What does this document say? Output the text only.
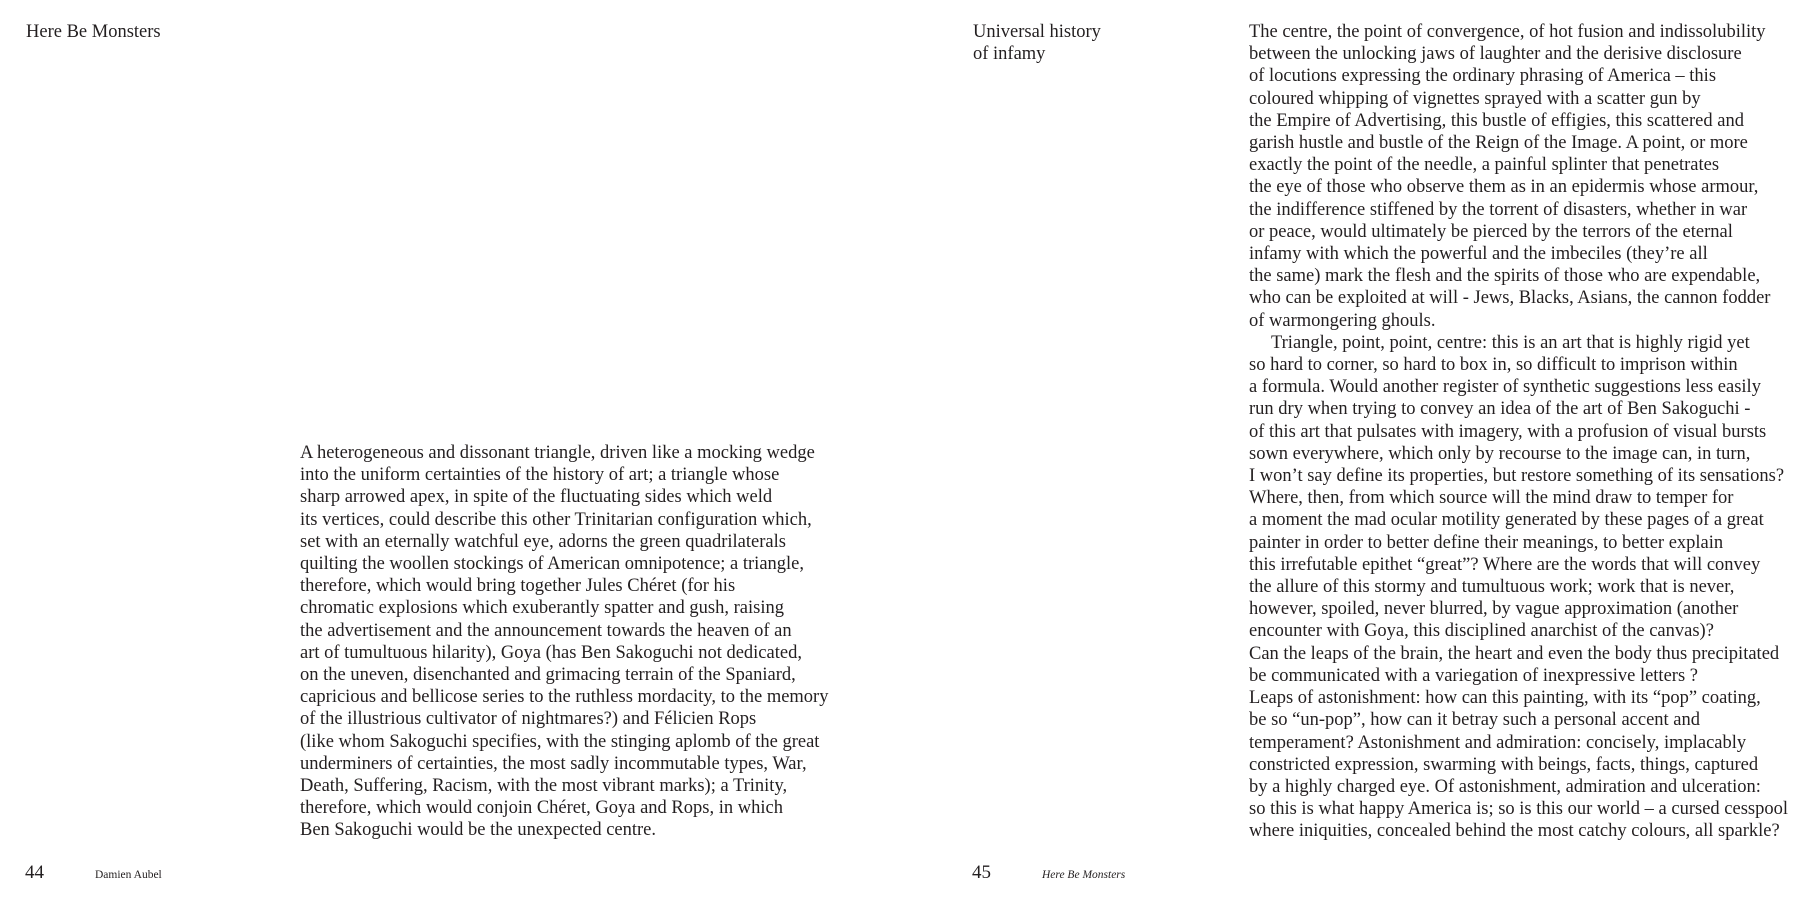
Here Be Monsters
A heterogeneous and dissonant triangle, driven like a mocking wedge
into the uniform certainties of the history of art; a triangle whose
sharp arrowed apex, in spite of the fluctuating sides which weld
its vertices, could describe this other Trinitarian configuration which,
set with an eternally watchful eye, adorns the green quadrilaterals
quilting the woollen stockings of American omnipotence; a triangle,
therefore, which would bring together Jules Chéret (for his
chromatic explosions which exuberantly spatter and gush, raising
the advertisement and the announcement towards the heaven of an
art of tumultuous hilarity), Goya (has Ben Sakoguchi not dedicated,
on the uneven, disenchanted and grimacing terrain of the Spaniard,
capricious and bellicose series to the ruthless mordacity, to the memory
of the illustrious cultivator of nightmares?) and Félicien Rops
(like whom Sakoguchi specifies, with the stinging aplomb of the great
underminers of certainties, the most sadly incommutable types, War,
Death, Suffering, Racism, with the most vibrant marks); a Trinity,
therefore, which would conjoin Chéret, Goya and Rops, in which
Ben Sakoguchi would be the unexpected centre.
44	Damien Aubel
Universal history
of infamy
The centre, the point of convergence, of hot fusion and indissolubility
between the unlocking jaws of laughter and the derisive disclosure
of locutions expressing the ordinary phrasing of America – this
coloured whipping of vignettes sprayed with a scatter gun by
the Empire of Advertising, this bustle of effigies, this scattered and
garish hustle and bustle of the Reign of the Image. A point, or more
exactly the point of the needle, a painful splinter that penetrates
the eye of those who observe them as in an epidermis whose armour,
the indifference stiffened by the torrent of disasters, whether in war
or peace, would ultimately be pierced by the terrors of the eternal
infamy with which the powerful and the imbeciles (they’re all
the same) mark the flesh and the spirits of those who are expendable,
who can be exploited at will - Jews, Blacks, Asians, the cannon fodder
of warmongering ghouls.
Triangle, point, point, centre: this is an art that is highly rigid yet
so hard to corner, so hard to box in, so difficult to imprison within
a formula. Would another register of synthetic suggestions less easily
run dry when trying to convey an idea of the art of Ben Sakoguchi -
of this art that pulsates with imagery, with a profusion of visual bursts
sown everywhere, which only by recourse to the image can, in turn,
I won’t say define its properties, but restore something of its sensations?
Where, then, from which source will the mind draw to temper for
a moment the mad ocular motility generated by these pages of a great
painter in order to better define their meanings, to better explain
this irrefutable epithet “great”? Where are the words that will convey
the allure of this stormy and tumultuous work; work that is never,
however, spoiled, never blurred, by vague approximation (another
encounter with Goya, this disciplined anarchist of the canvas)?
Can the leaps of the brain, the heart and even the body thus precipitated
be communicated with a variegation of inexpressive letters ?
Leaps of astonishment: how can this painting, with its “pop” coating,
be so “un-pop”, how can it betray such a personal accent and
temperament? Astonishment and admiration: concisely, implacably
constricted expression, swarming with beings, facts, things, captured
by a highly charged eye. Of astonishment, admiration and ulceration:
so this is what happy America is; so is this our world – a cursed cesspool
where iniquities, concealed behind the most catchy colours, all sparkle?
45	Here Be Monsters
